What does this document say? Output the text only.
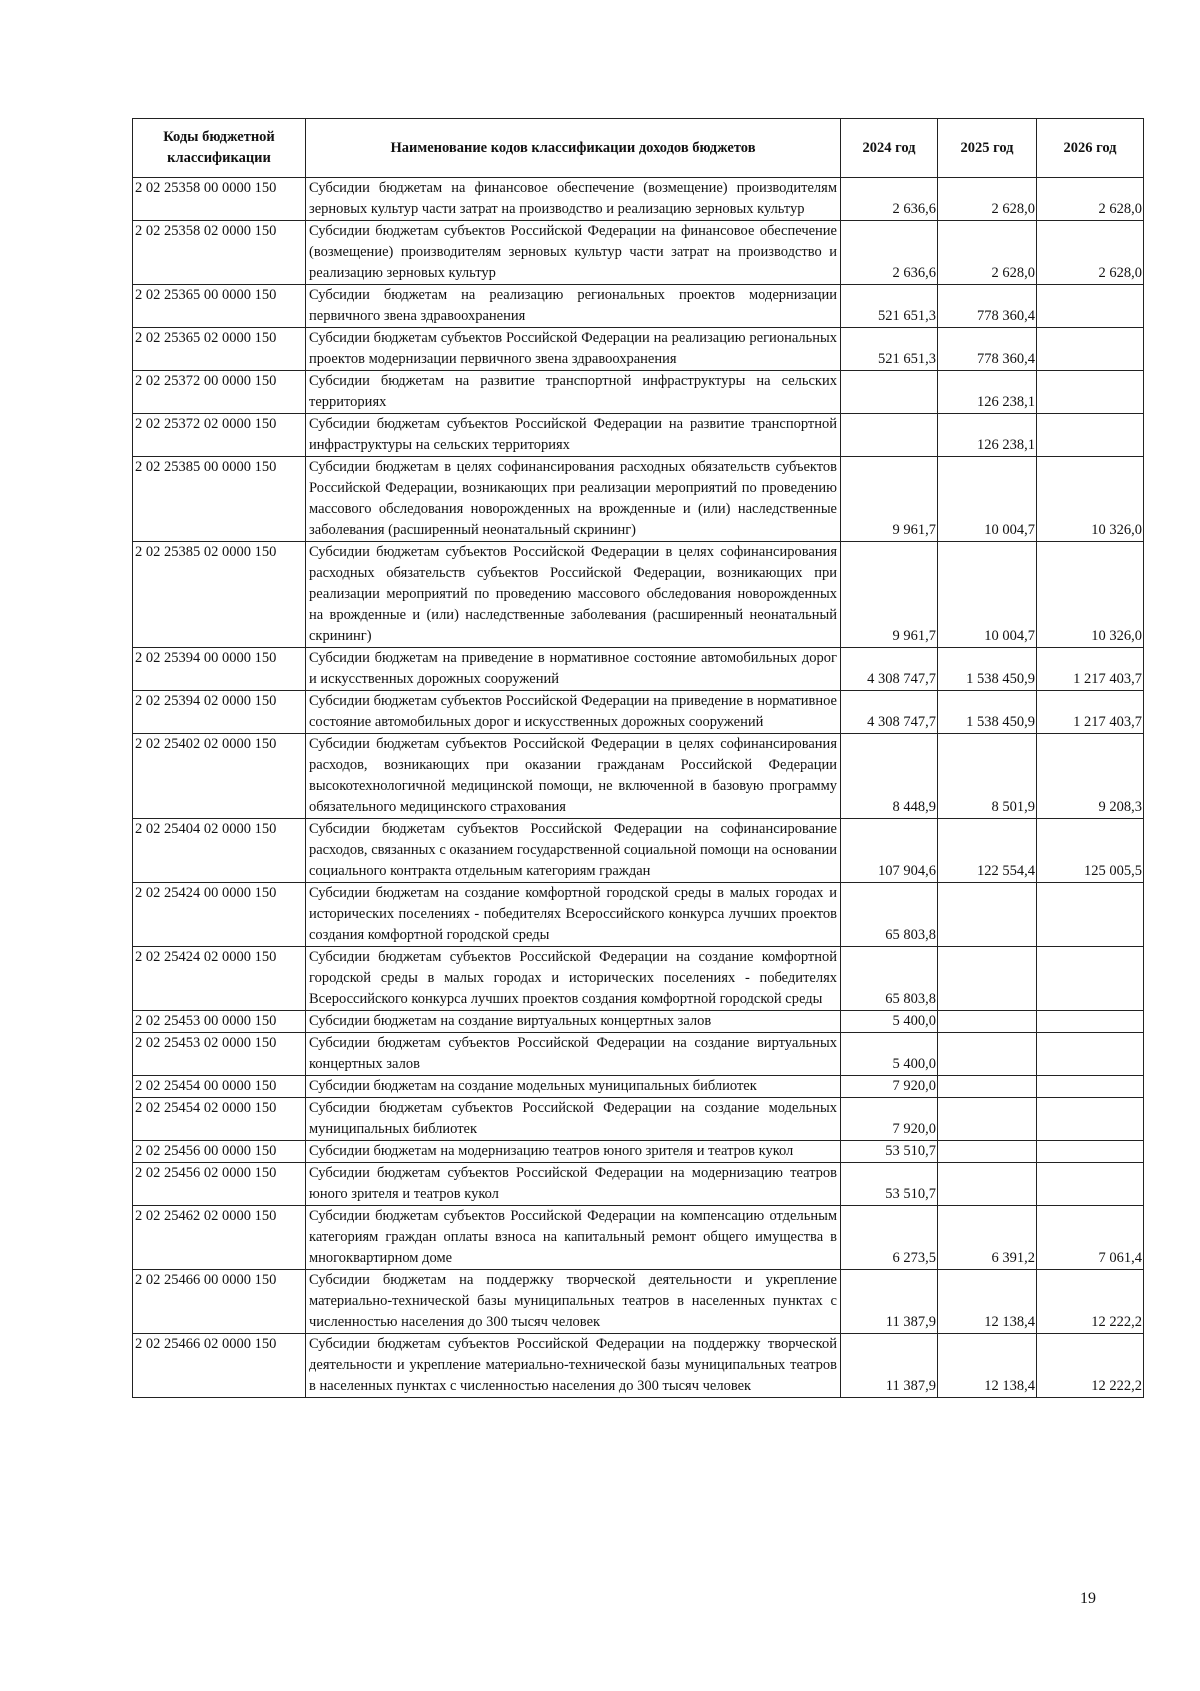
Коды бюджетной классификации	Наименование кодов классификации доходов бюджетов	2024 год	2025 год	2026 год
2 02 25358 00 0000 150	Субсидии бюджетам на финансовое обеспечение (возмещение) производителям зерновых культур части затрат на производство и реализацию зерновых культур	2 636,6	2 628,0	2 628,0
2 02 25358 02 0000 150	Субсидии бюджетам субъектов Российской Федерации на финансовое обеспечение (возмещение) производителям зерновых культур части затрат на производство и реализацию зерновых культур	2 636,6	2 628,0	2 628,0
2 02 25365 00 0000 150	Субсидии бюджетам на реализацию региональных проектов модернизации первичного звена здравоохранения	521 651,3	778 360,4	
2 02 25365 02 0000 150	Субсидии бюджетам субъектов Российской Федерации на реализацию региональных проектов модернизации первичного звена здравоохранения	521 651,3	778 360,4	
2 02 25372 00 0000 150	Субсидии бюджетам на развитие транспортной инфраструктуры на сельских территориях		126 238,1	
2 02 25372 02 0000 150	Субсидии бюджетам субъектов Российской Федерации на развитие транспортной инфраструктуры на сельских территориях		126 238,1	
2 02 25385 00 0000 150	Субсидии бюджетам в целях софинансирования расходных обязательств субъектов Российской Федерации, возникающих при реализации мероприятий по проведению массового обследования новорожденных на врожденные и (или) наследственные заболевания (расширенный неонатальный скрининг)	9 961,7	10 004,7	10 326,0
2 02 25385 02 0000 150	Субсидии бюджетам субъектов Российской Федерации в целях софинансирования расходных обязательств субъектов Российской Федерации, возникающих при реализации мероприятий по проведению массового обследования новорожденных на врожденные и (или) наследственные заболевания (расширенный неонатальный скрининг)	9 961,7	10 004,7	10 326,0
2 02 25394 00 0000 150	Субсидии бюджетам на приведение в нормативное состояние автомобильных дорог и искусственных дорожных сооружений	4 308 747,7	1 538 450,9	1 217 403,7
2 02 25394 02 0000 150	Субсидии бюджетам субъектов Российской Федерации на приведение в нормативное состояние автомобильных дорог и искусственных дорожных сооружений	4 308 747,7	1 538 450,9	1 217 403,7
2 02 25402 02 0000 150	Субсидии бюджетам субъектов Российской Федерации в целях софинансирования расходов, возникающих при оказании гражданам Российской Федерации высокотехнологичной медицинской помощи, не включенной в базовую программу обязательного медицинского страхования	8 448,9	8 501,9	9 208,3
2 02 25404 02 0000 150	Субсидии бюджетам субъектов Российской Федерации на софинансирование расходов, связанных с оказанием государственной социальной помощи на основании социального контракта отдельным категориям граждан	107 904,6	122 554,4	125 005,5
2 02 25424 00 0000 150	Субсидии бюджетам на создание комфортной городской среды в малых городах и исторических поселениях - победителях Всероссийского конкурса лучших проектов создания комфортной городской среды	65 803,8		
2 02 25424 02 0000 150	Субсидии бюджетам субъектов Российской Федерации на создание комфортной городской среды в малых городах и исторических поселениях - победителях Всероссийского конкурса лучших проектов создания комфортной городской среды	65 803,8		
2 02 25453 00 0000 150	Субсидии бюджетам на создание виртуальных концертных залов	5 400,0		
2 02 25453 02 0000 150	Субсидии бюджетам субъектов Российской Федерации на создание виртуальных концертных залов	5 400,0		
2 02 25454 00 0000 150	Субсидии бюджетам на создание модельных муниципальных библиотек	7 920,0		
2 02 25454 02 0000 150	Субсидии бюджетам субъектов Российской Федерации на создание модельных муниципальных библиотек	7 920,0		
2 02 25456 00 0000 150	Субсидии бюджетам на модернизацию театров юного зрителя и театров кукол	53 510,7		
2 02 25456 02 0000 150	Субсидии бюджетам субъектов Российской Федерации на модернизацию театров юного зрителя и театров кукол	53 510,7		
2 02 25462 02 0000 150	Субсидии бюджетам субъектов Российской Федерации на компенсацию отдельным категориям граждан оплаты взноса на капитальный ремонт общего имущества в многоквартирном доме	6 273,5	6 391,2	7 061,4
2 02 25466 00 0000 150	Субсидии бюджетам на поддержку творческой деятельности и укрепление материально-технической базы муниципальных театров в населенных пунктах с численностью населения до 300 тысяч человек	11 387,9	12 138,4	12 222,2
2 02 25466 02 0000 150	Субсидии бюджетам субъектов Российской Федерации на поддержку творческой деятельности и укрепление материально-технической базы муниципальных театров в населенных пунктах с численностью населения до 300 тысяч человек	11 387,9	12 138,4	12 222,2
19
